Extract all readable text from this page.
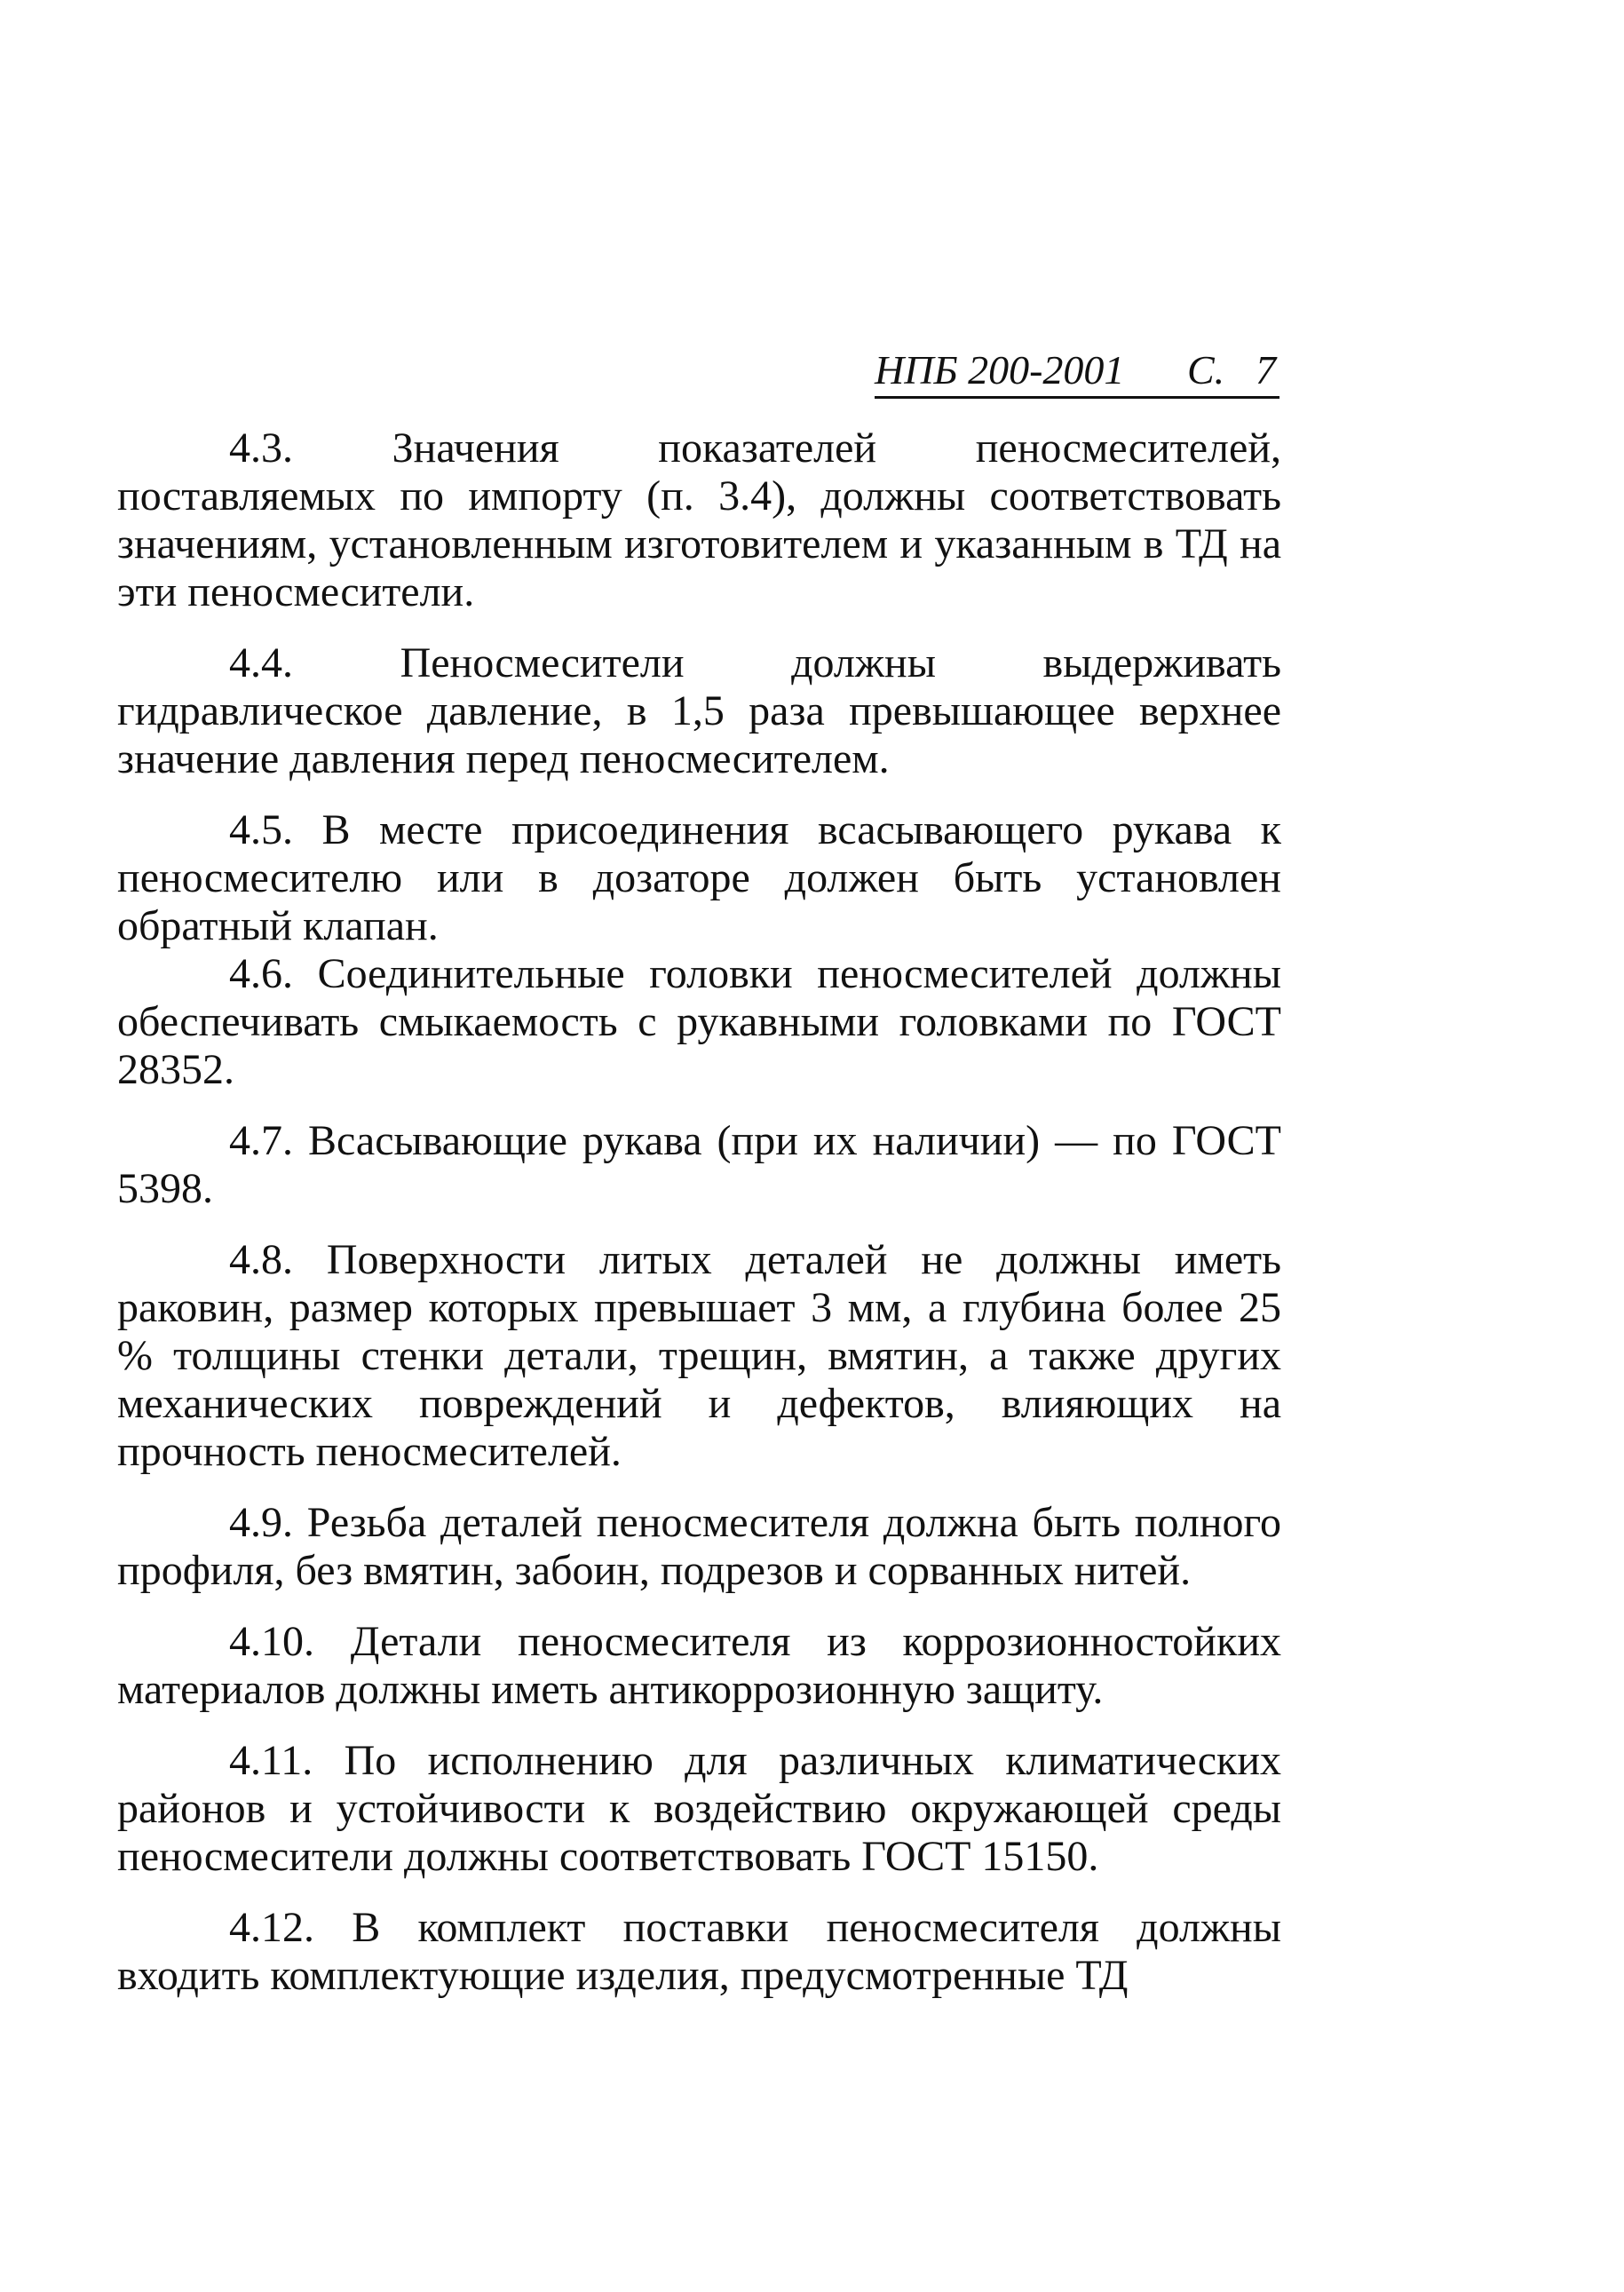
НПБ 200-2001 С. 7

4.3. Значения показателей пеносмесителей, поставляемых по импорту (п. 3.4), должны соответствовать значениям, установленным изготовителем и указанным в ТД на эти пеносмесители.

4.4. Пеносмесители должны выдерживать гидравлическое давление, в 1,5 раза превышающее верхнее значение давления перед пеносмесителем.

4.5. В месте присоединения всасывающего рукава к пеносмесителю или в дозаторе должен быть установлен обратный клапан.

4.6. Соединительные головки пеносмесителей должны обеспечивать смыкаемость с рукавными головками по ГОСТ 28352.

4.7. Всасывающие рукава (при их наличии) — по ГОСТ 5398.

4.8. Поверхности литых деталей не должны иметь раковин, размер которых превышает 3 мм, а глубина более 25 % толщины стенки детали, трещин, вмятин, а также других механических повреждений и дефектов, влияющих на прочность пеносмесителей.

4.9. Резьба деталей пеносмесителя должна быть полного профиля, без вмятин, забоин, подрезов и сорванных нитей.

4.10. Детали пеносмесителя из коррозионностойких материалов должны иметь антикоррозионную защиту.

4.11. По исполнению для различных климатических районов и устойчивости к воздействию окружающей среды пеносмесители должны соответствовать ГОСТ 15150.

4.12. В комплект поставки пеносмесителя должны входить комплектующие изделия, предусмотренные ТД
